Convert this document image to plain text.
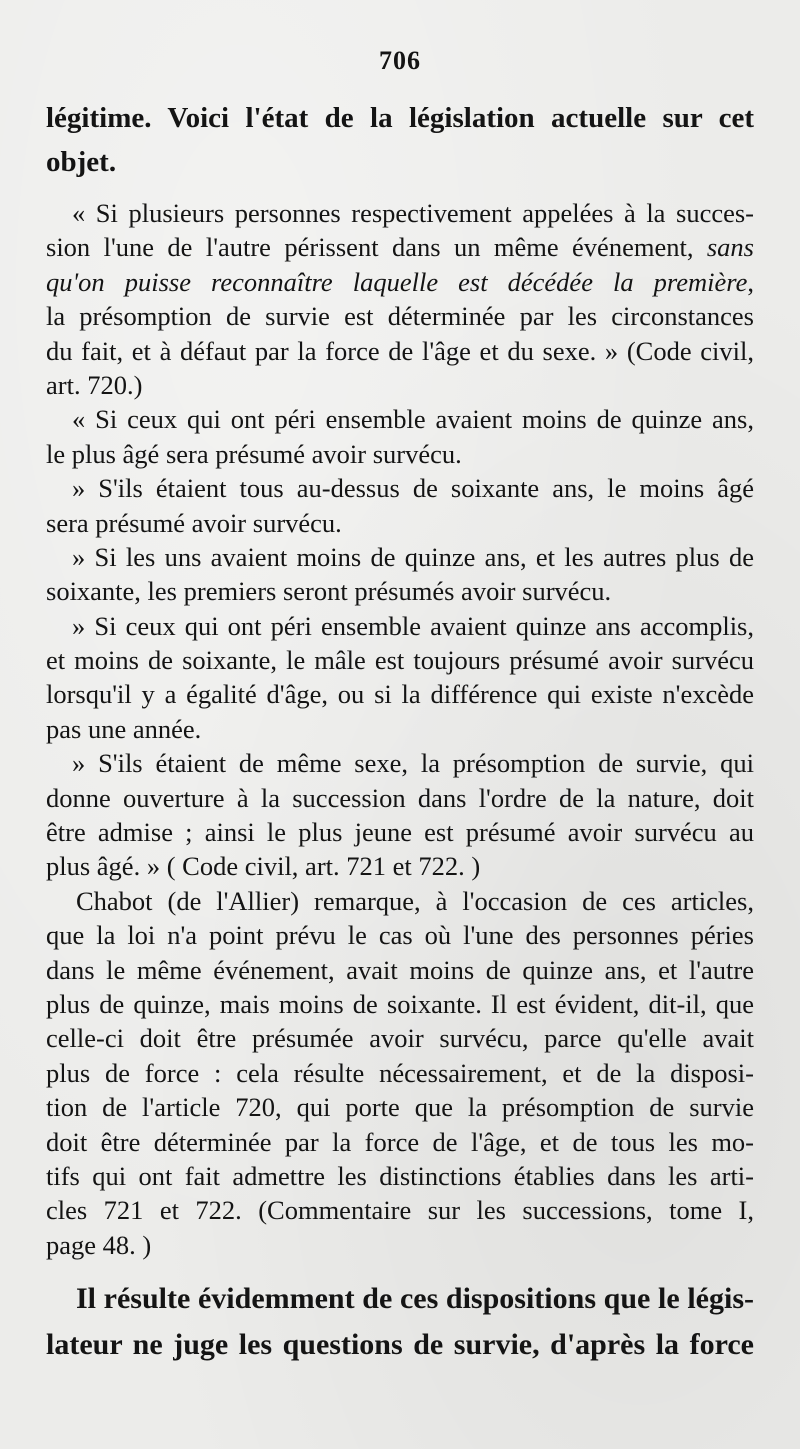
706
légitime. Voici l'état de la législation actuelle sur cet
objet.
« Si plusieurs personnes respectivement appelées à la succes-
sion l'une de l'autre périssent dans un même événement, sans
qu'on puisse reconnaître laquelle est décédée la première,
la présomption de survie est déterminée par les circonstances
du fait, et à défaut par la force de l'âge et du sexe. » (Code civil,
art. 720.)
« Si ceux qui ont péri ensemble avaient moins de quinze ans,
le plus âgé sera présumé avoir survécu.
» S'ils étaient tous au-dessus de soixante ans, le moins âgé
sera présumé avoir survécu.
» Si les uns avaient moins de quinze ans, et les autres plus de
soixante, les premiers seront présumés avoir survécu.
» Si ceux qui ont péri ensemble avaient quinze ans accomplis,
et moins de soixante, le mâle est toujours présumé avoir survécu
lorsqu'il y a égalité d'âge, ou si la différence qui existe n'excède
pas une année.
» S'ils étaient de même sexe, la présomption de survie, qui
donne ouverture à la succession dans l'ordre de la nature, doit
être admise ; ainsi le plus jeune est présumé avoir survécu au
plus âgé. » ( Code civil, art. 721 et 722. )
Chabot (de l'Allier) remarque, à l'occasion de ces articles,
que la loi n'a point prévu le cas où l'une des personnes péries
dans le même événement, avait moins de quinze ans, et l'autre
plus de quinze, mais moins de soixante. Il est évident, dit-il, que
celle-ci doit être présumée avoir survécu, parce qu'elle avait
plus de force : cela résulte nécessairement, et de la disposi-
tion de l'article 720, qui porte que la présomption de survie
doit être déterminée par la force de l'âge, et de tous les mo-
tifs qui ont fait admettre les distinctions établies dans les arti-
cles 721 et 722. (Commentaire sur les successions, tome I,
page 48. )
Il résulte évidemment de ces dispositions que le légis-
lateur ne juge les questions de survie, d'après la force
